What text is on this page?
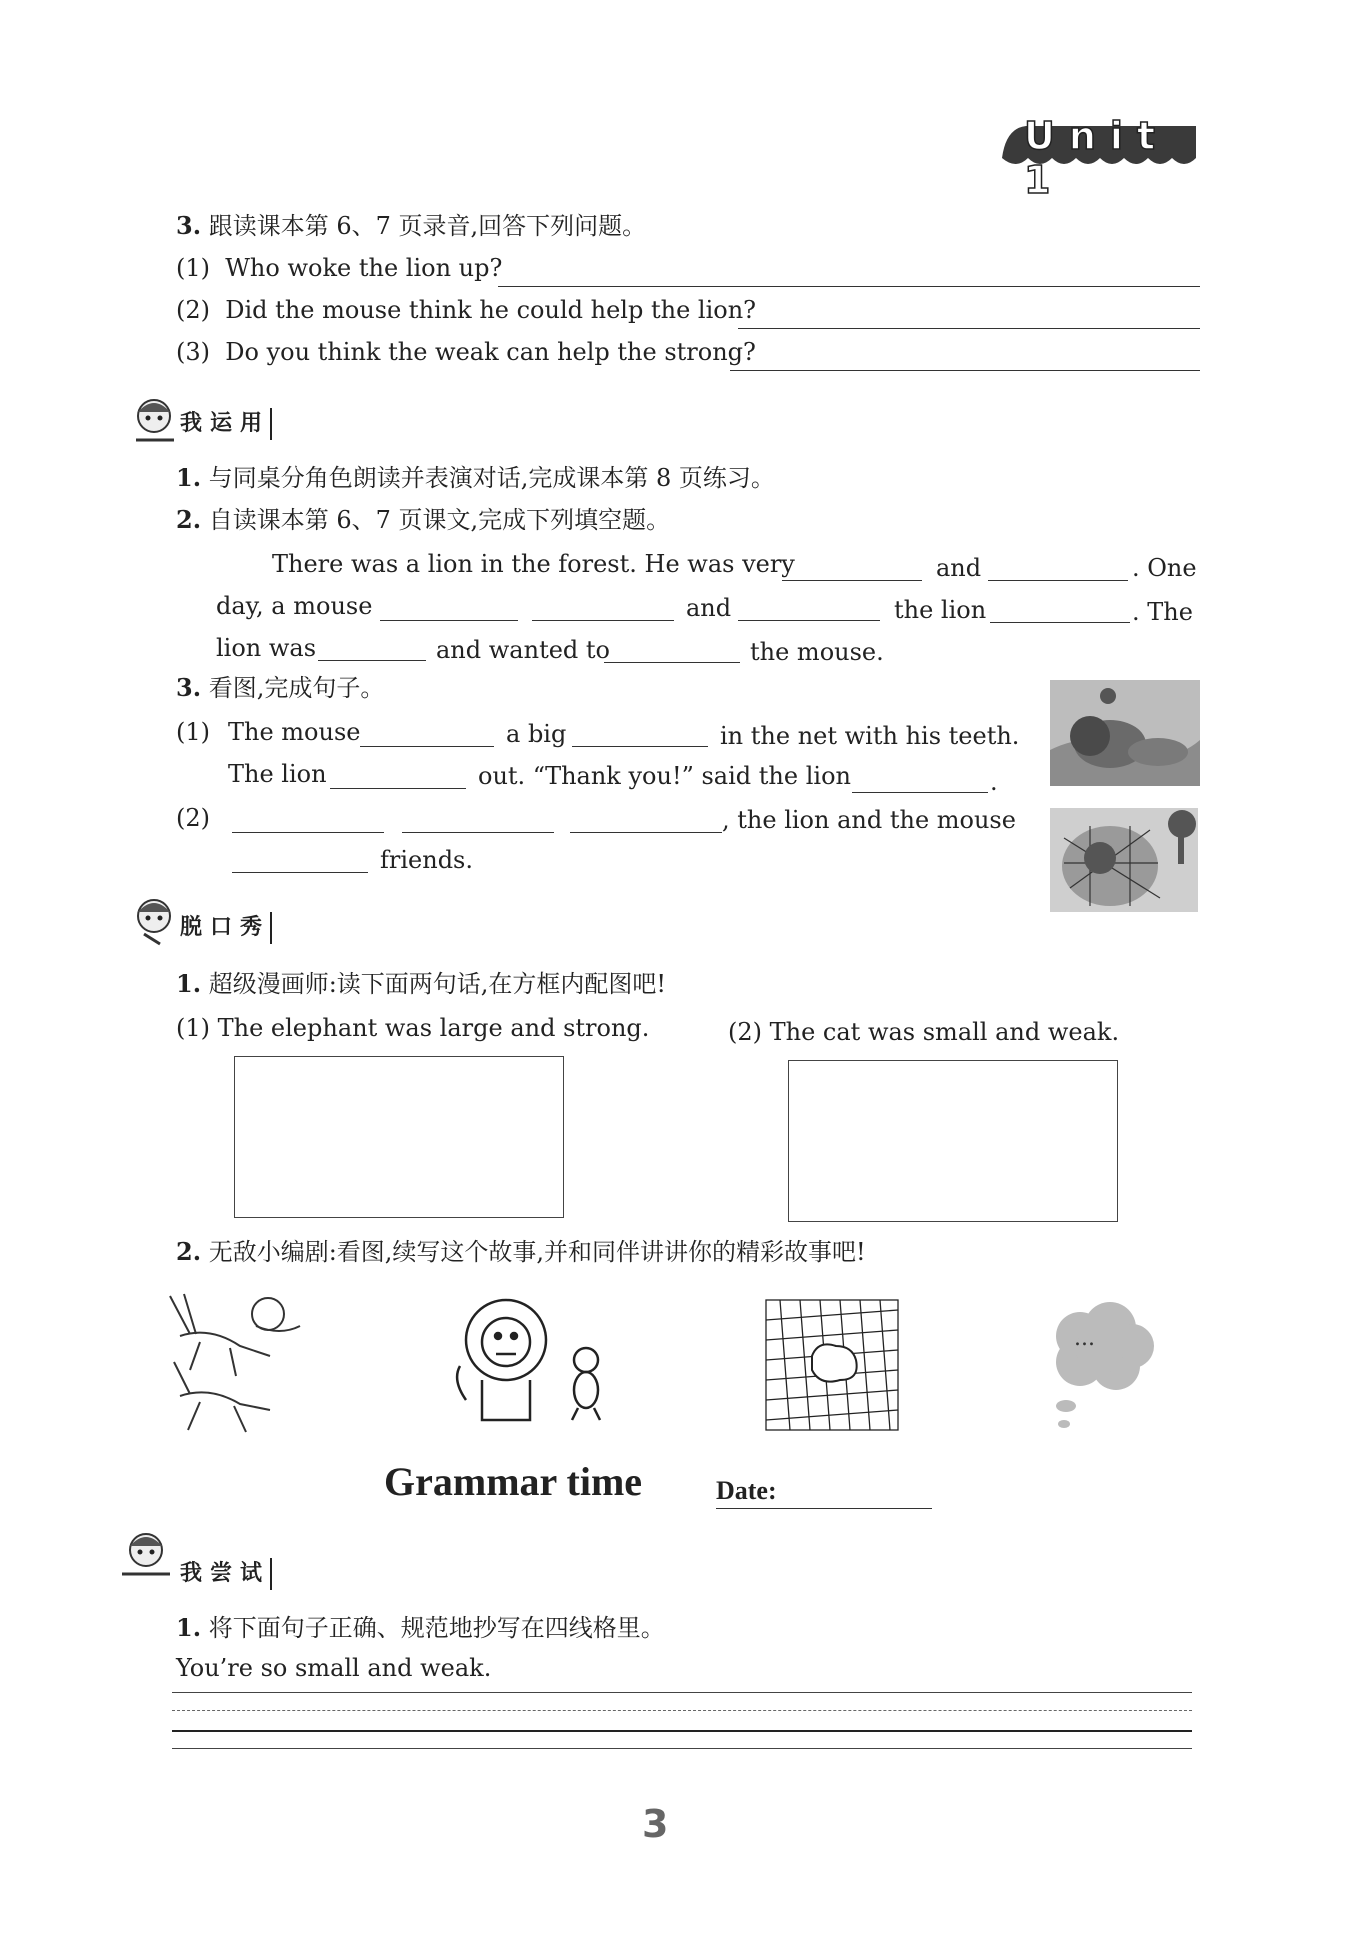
Unit 1
3. 跟读课本第 6、7 页录音,回答下列问题。
(1) Who woke the lion up?
(2) Did the mouse think he could help the lion?
(3) Do you think the weak can help the strong?
我运用
1. 与同桌分角色朗读并表演对话,完成课本第 8 页练习。
2. 自读课本第 6、7 页课文,完成下列填空题。
There was a lion in the forest. He was very	and	. One
day, a mouse	and	the lion	. The
lion was	and wanted to	the mouse.
3. 看图,完成句子。
(1) The mouse	a big	in the net with his teeth.
The lion	out. “Thank you!” said the lion	.
(2)	, the lion and the mouse
friends.
脱口秀
1. 超级漫画师:读下面两句话,在方框内配图吧!
(1) The elephant was large and strong.	(2) The cat was small and weak.
2. 无敌小编剧:看图,续写这个故事,并和同伴讲讲你的精彩故事吧!
...
Grammar time	Date:
我尝试
1. 将下面句子正确、规范地抄写在四线格里。
You’re so small and weak.
3
